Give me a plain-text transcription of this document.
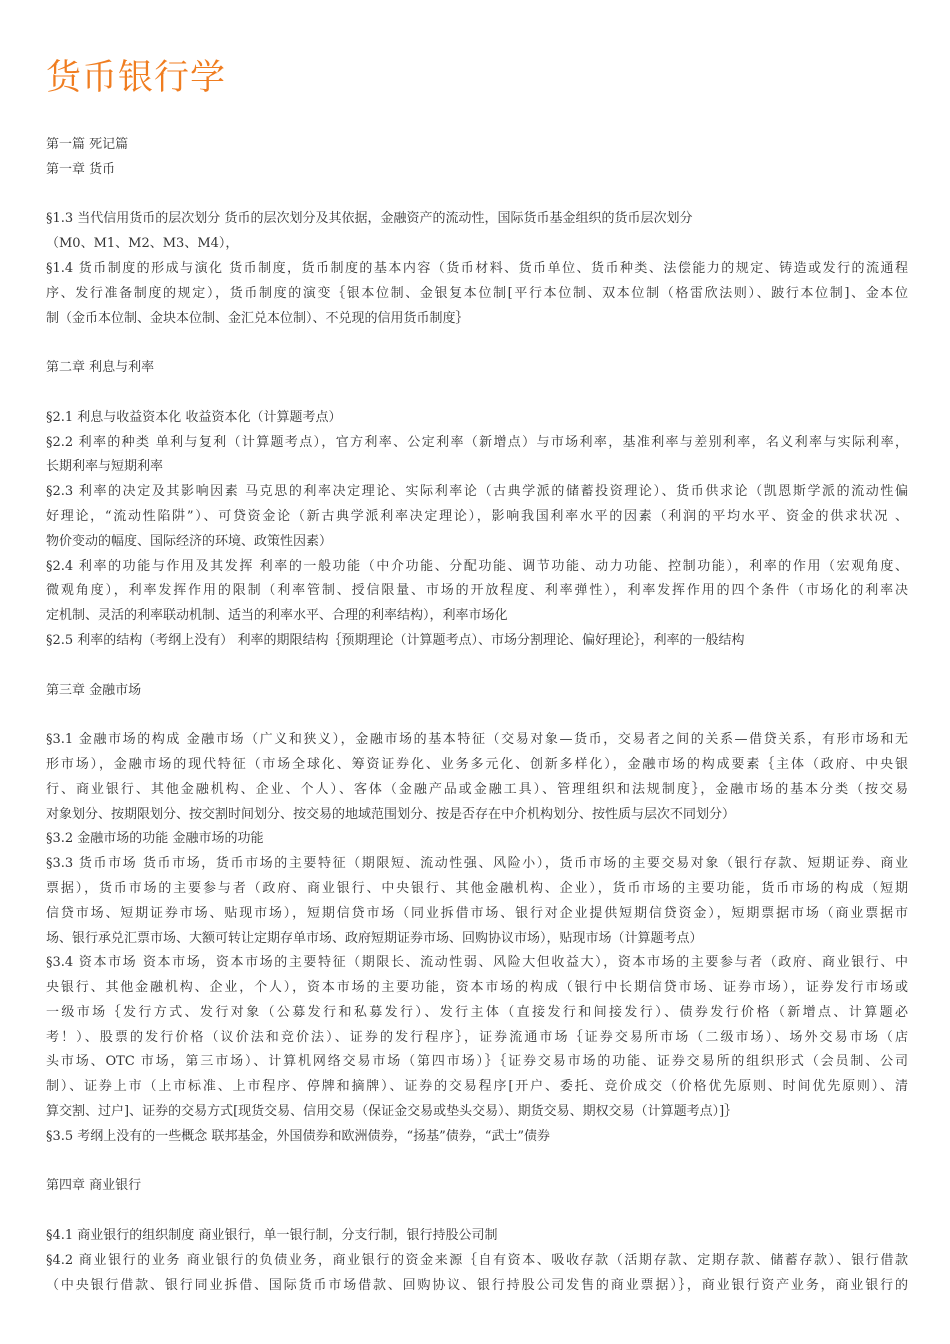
货币银行学
第一篇 死记篇
第一章 货币
§1.3 当代信用货币的层次划分 货币的层次划分及其依据，金融资产的流动性，国际货币基金组织的货币层次划分
（M0、M1、M2、M3、M4），
§1.4 货币制度的形成与演化 货币制度，货币制度的基本内容（货币材料、货币单位、货币种类、法偿能力的规定、铸造或发行的流通程
序、发行准备制度的规定），货币制度的演变｛银本位制、金银复本位制[平行本位制、双本位制（格雷欣法则）、跛行本位制]、金本位
制（金币本位制、金块本位制、金汇兑本位制）、不兑现的信用货币制度｝
第二章 利息与利率
§2.1 利息与收益资本化 收益资本化（计算题考点）
§2.2 利率的种类 单利与复利（计算题考点），官方利率、公定利率（新增点）与市场利率，基准利率与差别利率，名义利率与实际利率，
长期利率与短期利率
§2.3 利率的决定及其影响因素 马克思的利率决定理论、实际利率论（古典学派的储蓄投资理论）、货币供求论（凯恩斯学派的流动性偏
好理论，“流动性陷阱”）、可贷资金论（新古典学派利率决定理论），影响我国利率水平的因素（利润的平均水平、资金的供求状况 、
物价变动的幅度、国际经济的环境、政策性因素）
§2.4 利率的功能与作用及其发挥 利率的一般功能（中介功能、分配功能、调节功能、动力功能、控制功能），利率的作用（宏观角度、
微观角度），利率发挥作用的限制（利率管制、授信限量、市场的开放程度、利率弹性），利率发挥作用的四个条件（市场化的利率决
定机制、灵活的利率联动机制、适当的利率水平、合理的利率结构），利率市场化
§2.5 利率的结构（考纲上没有） 利率的期限结构｛预期理论（计算题考点）、市场分割理论、偏好理论｝，利率的一般结构
第三章 金融市场
§3.1 金融市场的构成 金融市场（广义和狭义），金融市场的基本特征（交易对象—货币，交易者之间的关系—借贷关系，有形市场和无
形市场），金融市场的现代特征（市场全球化、筹资证券化、业务多元化、创新多样化），金融市场的构成要素｛主体（政府、中央银
行、商业银行、其他金融机构、企业、个人）、客体（金融产品或金融工具）、管理组织和法规制度｝，金融市场的基本分类（按交易
对象划分、按期限划分、按交割时间划分、按交易的地域范围划分、按是否存在中介机构划分、按性质与层次不同划分）
§3.2 金融市场的功能 金融市场的功能
§3.3 货币市场 货币市场，货币市场的主要特征（期限短、流动性强、风险小），货币市场的主要交易对象（银行存款、短期证券、商业
票据），货币市场的主要参与者（政府、商业银行、中央银行、其他金融机构、企业），货币市场的主要功能，货币市场的构成（短期
信贷市场、短期证券市场、贴现市场），短期信贷市场（同业拆借市场、银行对企业提供短期信贷资金），短期票据市场（商业票据市
场、银行承兑汇票市场、大额可转让定期存单市场、政府短期证券市场、回购协议市场），贴现市场（计算题考点）
§3.4 资本市场 资本市场，资本市场的主要特征（期限长、流动性弱、风险大但收益大），资本市场的主要参与者（政府、商业银行、中
央银行、其他金融机构、企业，个人），资本市场的主要功能，资本市场的构成（银行中长期信贷市场、证券市场），证券发行市场或
一级市场｛发行方式、发行对象（公募发行和私募发行）、发行主体（直接发行和间接发行）、债券发行价格（新增点、计算题必
考！）、股票的发行价格（议价法和竞价法）、证券的发行程序｝，证券流通市场｛证券交易所市场（二级市场）、场外交易市场（店
头市场、OTC 市场，第三市场）、计算机网络交易市场（第四市场）｝｛证券交易市场的功能、证券交易所的组织形式（会员制、公司
制）、证券上市（上市标准、上市程序、停牌和摘牌）、证券的交易程序[开户、委托、竞价成交（价格优先原则、时间优先原则）、清
算交割、过户]、证券的交易方式[现货交易、信用交易（保证金交易或垫头交易）、期货交易、期权交易（计算题考点）]｝
§3.5 考纲上没有的一些概念 联邦基金，外国债券和欧洲债券，“扬基”债券，“武士”债券
第四章 商业银行
§4.1 商业银行的组织制度 商业银行，单一银行制，分支行制，银行持股公司制
§4.2 商业银行的业务 商业银行的负债业务，商业银行的资金来源｛自有资本、吸收存款（活期存款、定期存款、储蓄存款）、银行借款
（中央银行借款、银行同业拆借、国际货币市场借款、回购协议、银行持股公司发售的商业票据）｝，商业银行资产业务，商业银行的
